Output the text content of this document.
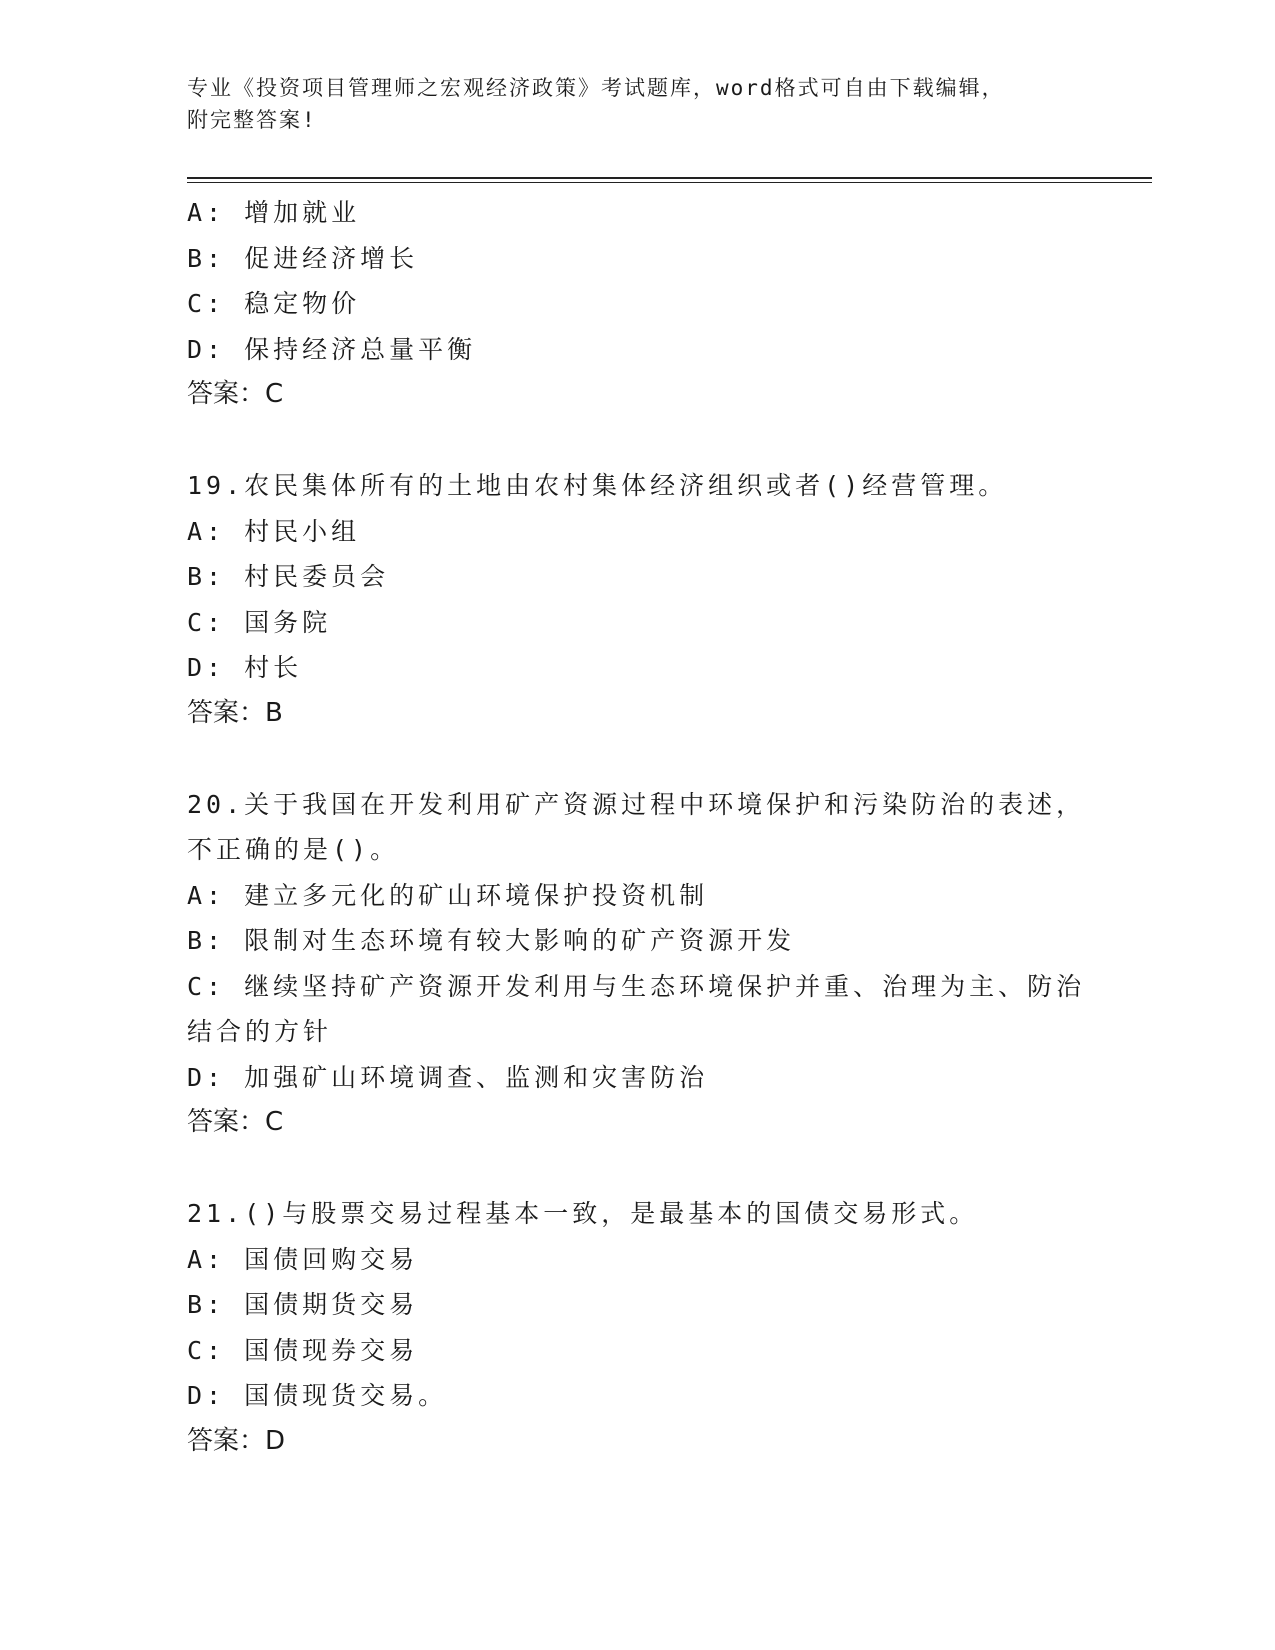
专业《投资项目管理师之宏观经济政策》考试题库，word格式可自由下载编辑，
附完整答案!
A: 增加就业
B: 促进经济增长
C: 稳定物价
D: 保持经济总量平衡
答案：C
19.农民集体所有的土地由农村集体经济组织或者()经营管理。
A: 村民小组
B: 村民委员会
C: 国务院
D: 村长
答案：B
20.关于我国在开发利用矿产资源过程中环境保护和污染防治的表述，
不正确的是()。
A: 建立多元化的矿山环境保护投资机制
B: 限制对生态环境有较大影响的矿产资源开发
C: 继续坚持矿产资源开发利用与生态环境保护并重、治理为主、防治
结合的方针
D: 加强矿山环境调查、监测和灾害防治
答案：C
21.()与股票交易过程基本一致，是最基本的国债交易形式。
A: 国债回购交易
B: 国债期货交易
C: 国债现券交易
D: 国债现货交易。
答案：D
